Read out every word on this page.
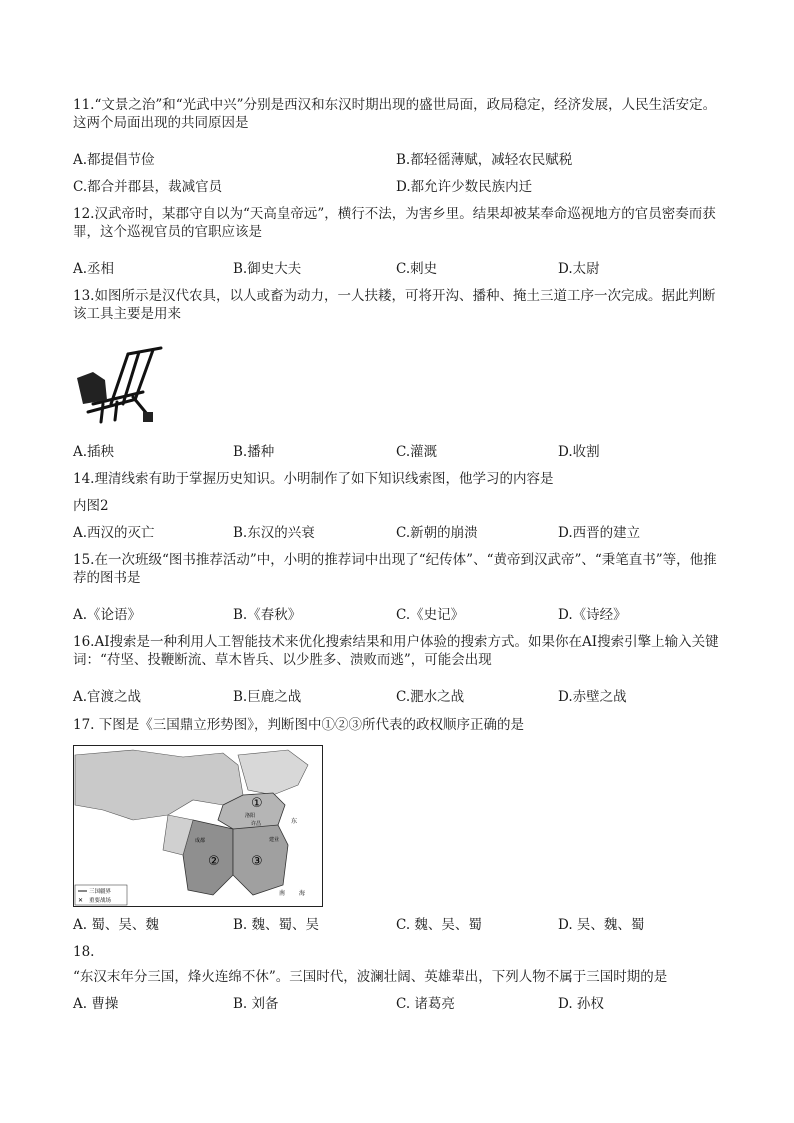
11.“文景之治”和“光武中兴”分别是西汉和东汉时期出现的盛世局面，政局稳定，经济发展，人民生活安定。这两个局面出现的共同原因是
A.都提倡节俭	B.都轻徭薄赋，减轻农民赋税
C.都合并郡县，裁减官员	D.都允许少数民族内迁
12.汉武帝时，某郡守自以为“天高皇帝远”，横行不法，为害乡里。结果却被某奉命巡视地方的官员密奏而获罪，这个巡视官员的官职应该是
A.丞相	B.御史大夫	C.刺史	D.太尉
13.如图所示是汉代农具，以人或畜为动力，一人扶耧，可将开沟、播种、掩土三道工序一次完成。据此判断该工具主要是用来
A.插秧	B.播种	C.灌溉	D.收割
14.理清线索有助于掌握历史知识。小明制作了如下知识线索图，他学习的内容是
内图2
A.西汉的灭亡	B.东汉的兴衰	C.新朝的崩溃	D.西晋的建立
15.在一次班级“图书推荐活动”中，小明的推荐词中出现了“纪传体”、“黄帝到汉武帝”、“秉笔直书”等，他推荐的图书是
A.《论语》	B.《春秋》	C.《史记》	D.《诗经》
16.AI搜索是一种利用人工智能技术来优化搜索结果和用户体验的搜索方式。如果你在AI搜索引擎上输入关键词：“苻坚、投鞭断流、草木皆兵、以少胜多、溃败而逃”，可能会出现
A.官渡之战	B.巨鹿之战	C.淝水之战	D.赤壁之战
17. 下图是《三国鼎立形势图》，判断图中①②③所代表的政权顺序正确的是
①
② ③
南 海
东
成都	建业
洛阳
许昌
三国疆界
✕ 重要战场
A. 蜀、吴、魏	B. 魏、蜀、吴	C. 魏、吴、蜀	D. 吴、魏、蜀
18.
“东汉末年分三国，烽火连绵不休”。三国时代，波澜壮阔、英雄辈出，下列人物不属于三国时期的是
A. 曹操	B. 刘备	C. 诸葛亮	D. 孙权
